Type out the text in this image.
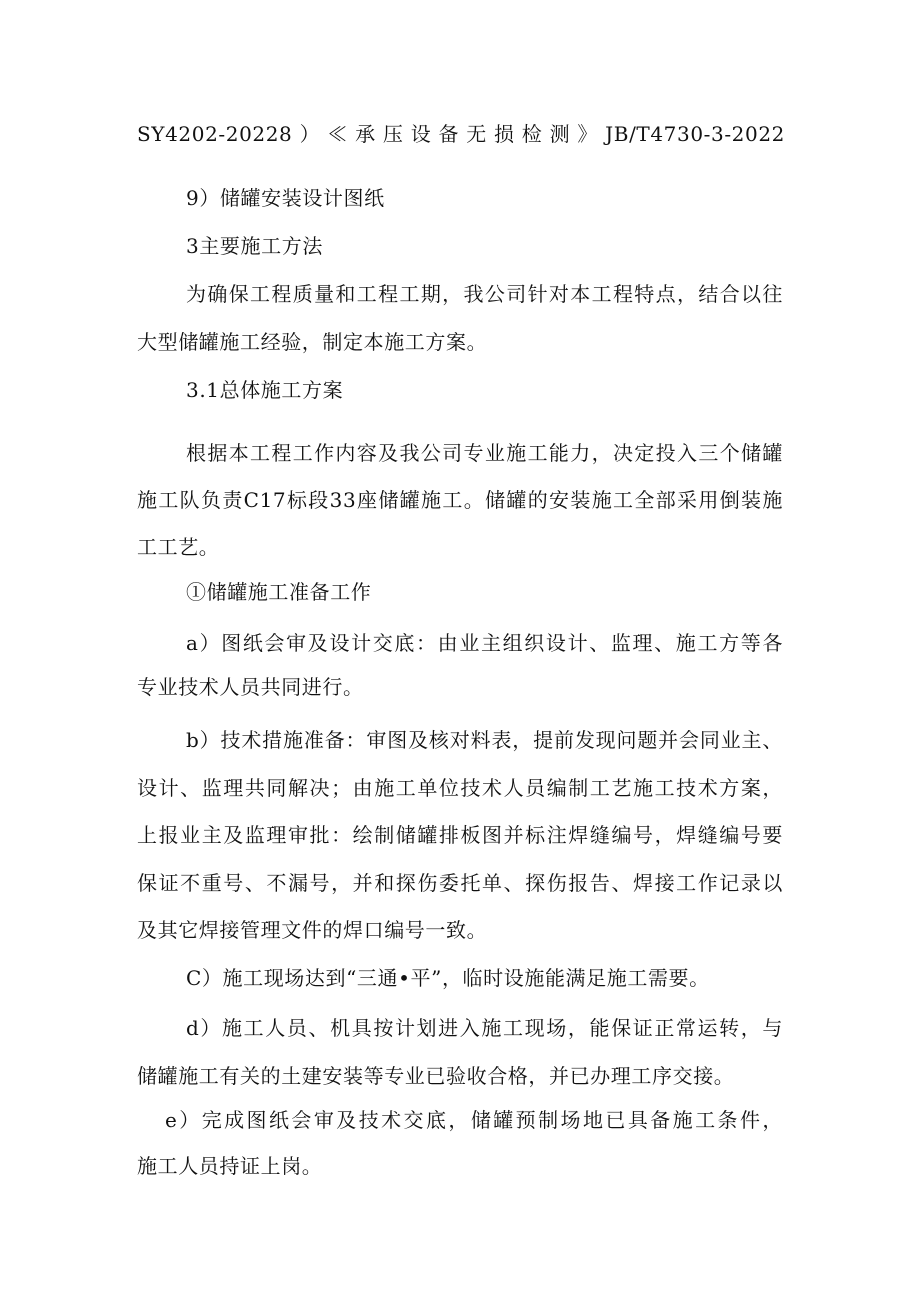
SY4202-20228）≪承压设备无损检测》JB/T4730-3-2022
9）储罐安装设计图纸
3主要施工方法
为确保工程质量和工程工期，我公司针对本工程特点，结合以往
大型储罐施工经验，制定本施工方案。
3.1总体施工方案
根据本工程工作内容及我公司专业施工能力，决定投入三个储罐
施工队负责C17标段33座储罐施工。储罐的安装施工全部采用倒装施
工工艺。
①储罐施工准备工作
a）图纸会审及设计交底：由业主组织设计、监理、施工方等各
专业技术人员共同进行。
b）技术措施准备：审图及核对料表，提前发现问题并会同业主、
设计、监理共同解决；由施工单位技术人员编制工艺施工技术方案，
上报业主及监理审批：绘制储罐排板图并标注焊缝编号，焊缝编号要
保证不重号、不漏号，并和探伤委托单、探伤报告、焊接工作记录以
及其它焊接管理文件的焊口编号一致。
C）施工现场达到“三通•平”，临时设施能满足施工需要。
d）施工人员、机具按计划进入施工现场，能保证正常运转，与
储罐施工有关的土建安装等专业已验收合格，并已办理工序交接。
e）完成图纸会审及技术交底，储罐预制场地已具备施工条件，
施工人员持证上岗。
